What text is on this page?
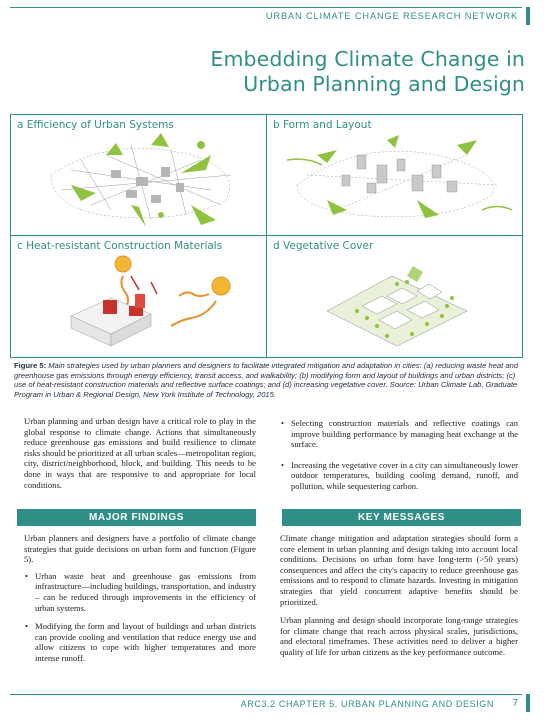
URBAN CLIMATE CHANGE RESEARCH NETWORK
Embedding Climate Change in
Urban Planning and Design
a Efficiency of Urban Systems	b Form and Layout
c Heat-resistant Construction Materials	d Vegetative Cover

Figure 5: Main strategies used by urban planners and designers to facilitate integrated mitigation and adaptation in cities: (a) reducing waste heat and greenhouse gas emissions through energy efficiency, transit access, and walkability; (b) modifying form and layout of buildings and urban districts; (c) use of heat-resistant construction materials and reflective surface coatings; and (d) increasing vegetative cover. Source: Urban Climate Lab, Graduate Program in Urban & Regional Design, New York Institute of Technology, 2015.

Urban planning and urban design have a critical role to play in the global response to climate change. Actions that simultaneously reduce greenhouse gas emissions and build resilience to climate risks should be prioritized at all urban scales—metropolitan region, city, district/neighborhood, block, and building. This needs to be done in ways that are responsive to and appropriate for local conditions.

MAJOR FINDINGS

Urban planners and designers have a portfolio of climate change strategies that guide decisions on urban form and function (Figure 5).

• Urban waste heat and greenhouse gas emissions from infrastructure—including buildings, transportation, and industry – can be reduced through improvements in the efficiency of urban systems.
• Modifying the form and layout of buildings and urban districts can provide cooling and ventilation that reduce energy use and allow citizens to cope with higher temperatures and more intense runoff.
• Selecting construction materials and reflective coatings can improve building performance by managing heat exchange at the surface.
• Increasing the vegetative cover in a city can simultaneously lower outdoor temperatures, building cooling demand, runoff, and pollution, while sequestering carbon.
KEY MESSAGES

Climate change mitigation and adaptation strategies should form a core element in urban planning and design taking into account local conditions. Decisions on urban form have long-term (>50 years) consequences and affect the city's capacity to reduce greenhouse gas emissions and to respond to climate hazards. Investing in mitigation strategies that yield concurrent adaptive benefits should be prioritized.

Urban planning and design should incorporate long-range strategies for climate change that reach across physical scales, jurisdictions, and electoral timeframes. These activities need to deliver a higher quality of life for urban citizens as the key performance outcome.

ARC3.2 CHAPTER 5. URBAN PLANNING AND DESIGN 7
